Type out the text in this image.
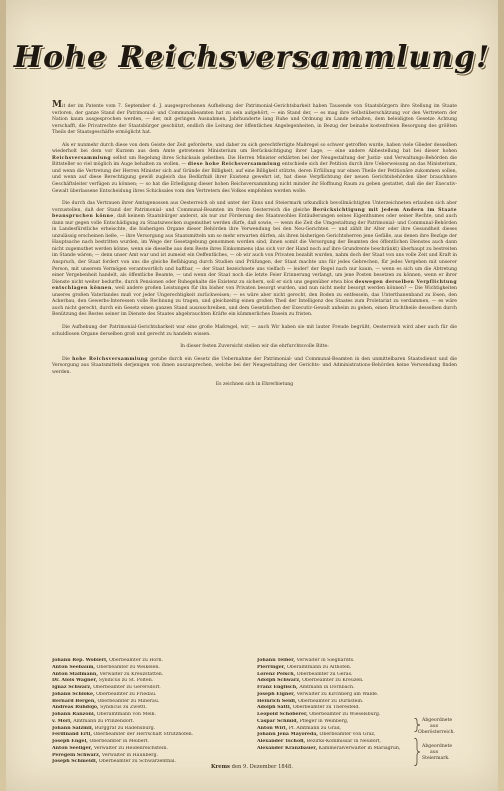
Hohe Reichsversammlung!

Mit der im Patente vom 7. September d. J. ausgesprochenen Aufhebung der Patrimonial-Gerichtsbarkeit haben Tausende von Staatsbürgern ihre Stellung im Staate verloren, der ganze Stand der Patrimonial- und Communalbeamten hat zu sein aufgehört, — ein Stand der, — es mag ihre Selbstüberschätzung vor den Vertretern der Nation kaum ausgesprochen werden, — der, mit geringen Ausnahmen, Jahrhunderte lang Ruhe und Ordnung im Lande erhalten, dem beleidigten Gesetze Achtung verschafft, die Privatrechte der Staatsbürger geschützt, endlich die Leitung der öffentlichen Angelegenheiten, in Bezug der beinahe kostenfreien Besorgung des größten Theils der Staatsgeschäfte ermöglicht hat.

Als er nunmehr durch diese von dem Geiste der Zeit geforderte, und daher zu sich gerechtfertigte Maßregel so schwer getroffen wurde, haben viele Glieder desselben wiederholt bei dem vor Kurzem aus dem Amte getretenen Ministerium um Berücksichtigung ihrer Lage, — eine andere Abbestellung bat bei dieser hohen Reichsversammlung selbst um Regelung ihres Schicksals gebethen. Die Herren Minister erklärten bei der Neugestaltung der Justiz- und Verwaltungs-Behörden die Bittsteller so viel möglich im Auge behalten zu wollen, — diese hohe Reichsversammlung entschiede sich der Petition durch ihre Ueberweisung an das Ministerium, und wenn die Vertretung der Herren Minister sich auf Gründe der Billigkeit, auf eine Billigkeit stützte, deren Erfüllung nur einen Theile der Petitionäre zukommen sollen, und wenn auf diese Berechtigung gewiß zugleich das Bedürfniß ihrer Existenz gewehrt ist, hat diese Verpflichtung der neuen Gerichtsbehörden über brauchbare Geschäftsleiter verfügen zu können; — so hat die Erledigung dieser hohen Reichsversammlung nicht minder ihr Hoffnung Raum zu geben gestattet, daß die der Executiv-Gewalt überlassene Entscheidung ihres Schicksales vom den Vertretern des Volkes empfohlen werden wolle.

Die durch das Vertrauen ihrer Amtsgenossen aus Oesterreich ob und unter der Enns und Steiermark urkundlich bevollmächtigten Unterzeichneten erlauben sich aber vorzustellen, daß der Stand der Patrimonial- und Communal-Beamten im freien Oesterreich die gleiche Berücksichtigung mit jedem Andern im Staate beanspruchen könne, daß keinem Staatsbürger anderst, als nur zur Förderung des Staatswohles Entäußerungen seines Eigenthumes oder seiner Rechte, und auch dann nur gegen volle Entschädigung zu Staatszwecken zugemuthet werden dürfe, daß sowie, — wenn die Zeit die Umgestaltung der Patrimonial- und Communal-Behörden in Landesfürstliche erheischte, die bisherigen Organe dieser Behörden ihre Verwendung bei den Neu-Gerichten — und zählt ihr Alter oder ihre Gesundheit dieses unzulässig erscheinen ließe, — ihre Versorgung aus Staatsmitteln um so mehr erwarten dürfen, als ihren bisherigen Gerichtsherren jene Gefälle, aus denen ihre Bezüge der Hauptsache nach bestritten wurden, im Wege der Gesetzgebung genommen worden sind, ihnen somit die Versorgung der Beamten des öffentlichen Dienstes auch dann nicht zugemuthet werden könne, wenn sie dieselbe aus dem Reste ihres Einkommens (das sich vor der Hand noch auf ihre Grundrente beschränkt) überhaupt zu bestreiten im Stande wären; — denn unser Amt war und ist zumeist ein Oeffentliches, — ob wir auch von Privaten bezahlt wurden, nahm doch der Staat von uns volle Zeit und Kraft in Anspruch, der Staat fordert von uns die gleiche Befähigung durch Studien und Prüfungen, der Staat machte uns für jedes Gebrechen, für jedes Vergehen mit unserer Person, mit unserem Vermögen verantwortlich und haftbar, — der Staat bezeichnete uns vielfach — leider! der Regel nach nur kaum, — wenn es sich um die Abtretung einer Vergebenheit handelt, als öffentliche Beamte, — und wenn der Staat noch die letzte Feier Erinnerung verlangt, um jene Posten besetzen zu können, wenn er ihrer Dienste nicht weiter bedurfte, durch Pensionen oder Ruhegehalte die Existenz zu sichern, soll er sich uns gegenüber etwa blos deswegen derselben Verpflichtung entschlagen können, weil andere großen Leistungen für ihn bisher von Privaten besorgt wurden, und nun nicht mehr besorgt werden können? — Die Wichtigkeiten unseres großen Vaterlandes muß vor jeder Ungerechtigkeit zurückweisen; — es wäre aber nicht gerecht, den Boden zu entfesseln, das Unterthanenband zu lösen, den Ackerbau, den Gewerbs-Interessen volle Rechnung zu tragen, und gleichzeitig einen großen Theil der Intelligenz des Staates zum Proletariat zu verdammen, — es wäre auch nicht gerecht, durch ein Gesetz einen ganzen Stand auszuschreiben, und dem Gesetzlichen der Executiv-Gewalt anheim zu geben, einen Bruchtheile desselben durch Benützung des Restes seiner im Dienste des Staates abgebrauchten Kräfte ein kümmerliches Dasein zu fristen.

Die Aufhebung der Patrimonial-Gerichtsbarkeit war eine große Maßregel, wir, — auch Wir haben sie mit lauter Freude begrüßt, Oesterreich wird aber auch für die schuldlosen Organe derselben groß und gerecht zu handeln wissen.

In dieser festen Zuversicht stellen wir die ehrfurchtsvolle Bitte:

Die hohe Reichsversammlung geruhe durch ein Gesetz die Uebernahme der Patrimonial- und Communal-Beamten in den unmittelbaren Staatsdienst und die Versorgung aus Staatsmitteln derjenigen von ihnen auszusprechen, welche bei der Neugestaltung der Gerichts- und Administrations-Behörden keine Verwendung finden werden.

Es zeichnen sich in Ehrerbietung

Johann Rep. Wobierl, Oberbeamter zu Horn.
Anton Seebaum, Oberbeamter zu Weikelen.
Anton Stallmann, Verwalter zu Kreuzstätten.
Dr. Alois Wagner, Syndicus zu St. Pölten.
Ignaz Schwarz, Oberbeamter zu Gerersdorf.
Johann Schlöke, Oberbeamter zu Friedau.
Bernard Bergen, Oberbeamter zu Minerau.
Andreas Ruhdojo, Syndicus zu Zwettl.
Johann Ranzoni, Oberamtmann von Melk.
v. Mörl, Amtmann zu Prinzendorf.
Johann Salzmil, Burggraf zu Radensburg.
Ferdinand Ertl, Oberbeamter der Herrschaft Strutzhofen.
Joseph Engel, Oberbeamter in Meiberf.
Anton Seeliger, Verwalter zu Heidenreichstein.
Peregein Schwarz, Verwalter in Haunberg.
Joseph Schmeidl, Oberbeamter zu Schwarzenthal.
Johann Teiber, Verwalter in Sieghardts.
Pierringer, Oberamtmann zu Althofen.
Lorenz Pelsch, Oberbeamter zu Geras.
Adolph Schwarz, Oberbeamter zu Kreuzen.
Franz Englisch, Amtmann in Dornbach.
Joseph Eigner, Verwalter zu Kirchberg am Walde.
Heinrich Seidl, Oberbeamter zu Dürnstein.
Adolph Sattl, Oberbeamter zu Theresfeld.
Leopold Schöberer, Oberbeamter zu Wieselsburg.
Caspar Schmid, Pfleger in Weinberg,
Anton Wirl, Pf. Amtmann zu Grad,
Johann Jena Mayoreda, Oberbeamter von Graz,
Alexander Tschofl, Bezirks-Kommissär in Neudorf,
Alexander Kranzbauer, Kammeralverwalter in Mariagrün,
Abgeordnete
aus
Oberösterreich.
Abgeordnete
aus
Steiermark.
Krems den 9. Dezember 1848.
